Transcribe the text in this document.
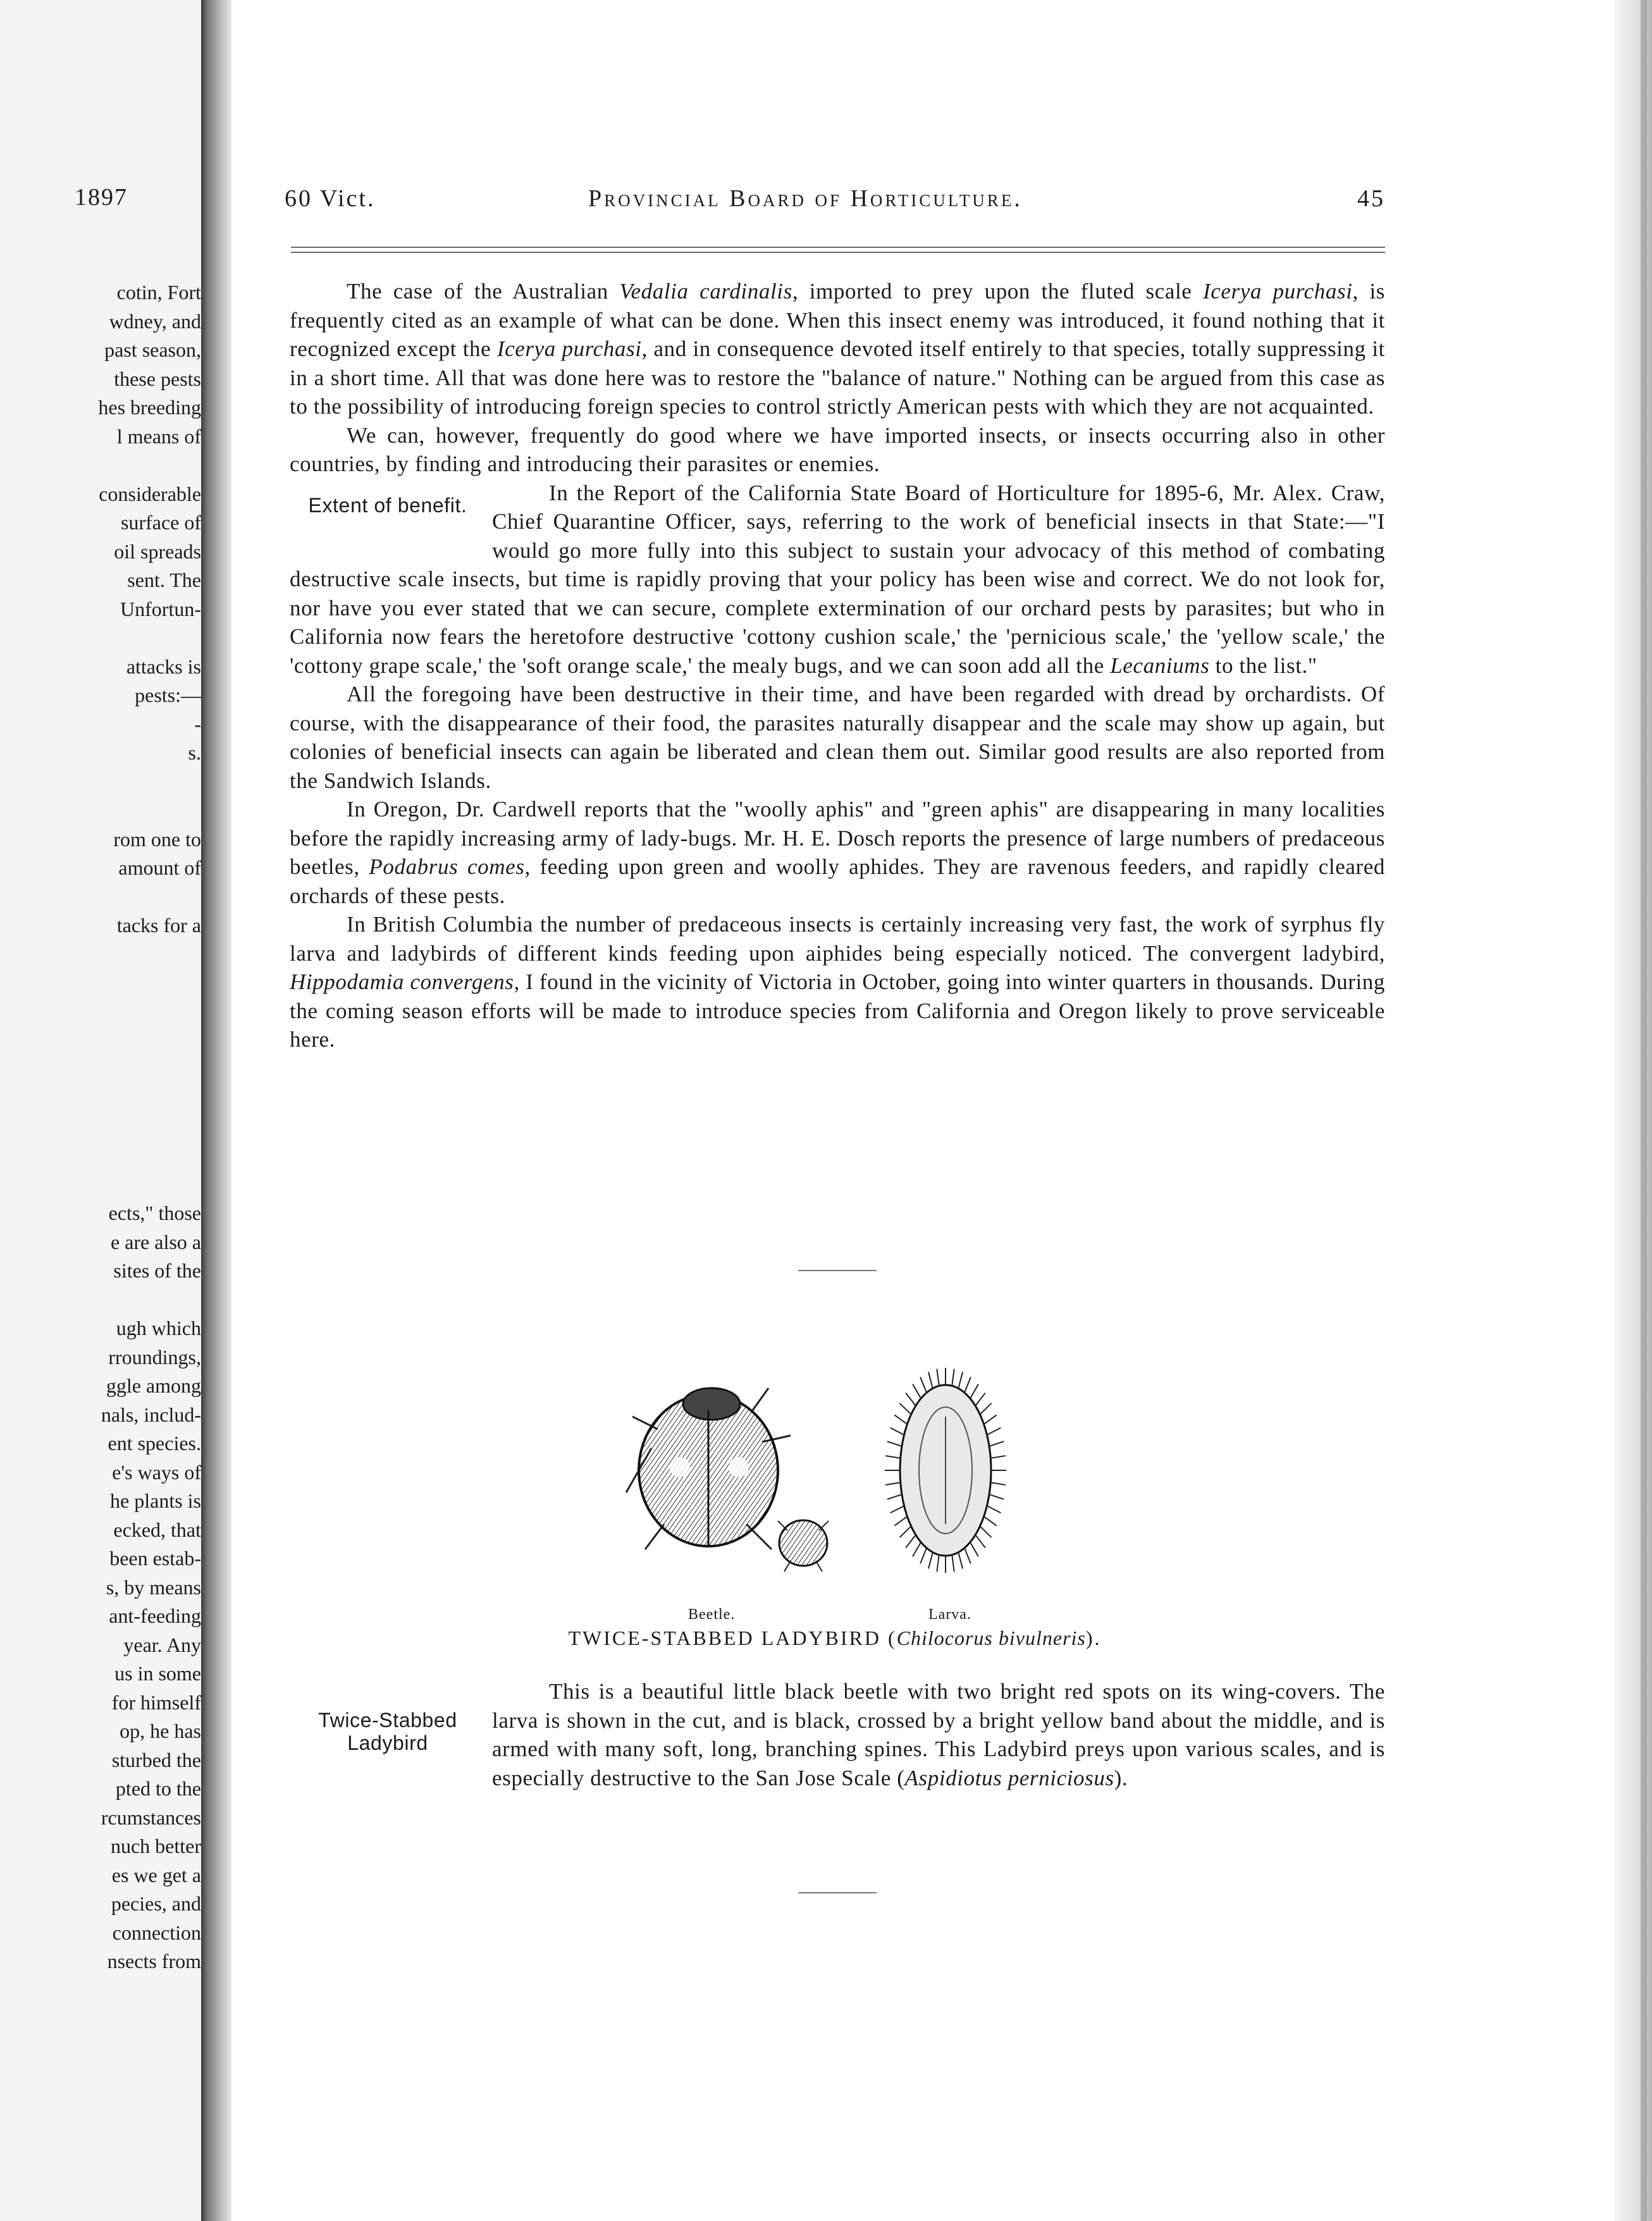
1897
cotin, Fort
wdney, and
past season,
these pests
hes breeding
l means of
considerable
surface of
oil spreads
sent. The
Unfortun-
attacks is
pests:—
-
s.
rom one to
amount of
tacks for a
ects," those
e are also a
sites of the
ugh which
rroundings,
ggle among
nals, includ-
ent species.
e's ways of
he plants is
ecked, that
been estab-
s, by means
ant-feeding
year. Any
us in some
for himself
op, he has
sturbed the
pted to the
rcumstances
nuch better
es we get a
pecies, and
connection
nsects from
60 Vict.	Provincial Board of Horticulture.	45

The case of the Australian Vedalia cardinalis, imported to prey upon the fluted scale Icerya purchasi, is frequently cited as an example of what can be done. When this insect enemy was introduced, it found nothing that it recognized except the Icerya purchasi, and in consequence devoted itself entirely to that species, totally suppressing it in a short time. All that was done here was to restore the "balance of nature." Nothing can be argued from this case as to the possibility of introducing foreign species to control strictly American pests with which they are not acquainted.

We can, however, frequently do good where we have imported insects, or insects occurring also in other countries, by finding and introducing their parasites or enemies.

Extent of benefit.	In the Report of the California State Board of Horticulture for 1895-6, Mr. Alex. Craw, Chief Quarantine Officer, says, referring to the work of beneficial insects in that State:—"I would go more fully into this subject to sustain your advocacy of this method of combating destructive scale insects, but time is rapidly proving that your policy has been wise and correct. We do not look for, nor have you ever stated that we can secure, complete extermination of our orchard pests by parasites; but who in California now fears the heretofore destructive 'cottony cushion scale,' the 'pernicious scale,' the 'yellow scale,' the 'cottony grape scale,' the 'soft orange scale,' the mealy bugs, and we can soon add all the Lecaniums to the list."

All the foregoing have been destructive in their time, and have been regarded with dread by orchardists. Of course, with the disappearance of their food, the parasites naturally disappear and the scale may show up again, but colonies of beneficial insects can again be liberated and clean them out. Similar good results are also reported from the Sandwich Islands.

In Oregon, Dr. Cardwell reports that the "woolly aphis" and "green aphis" are disappearing in many localities before the rapidly increasing army of lady-bugs. Mr. H. E. Dosch reports the presence of large numbers of predaceous beetles, Podabrus comes, feeding upon green and woolly aphides. They are ravenous feeders, and rapidly cleared orchards of these pests.

In British Columbia the number of predaceous insects is certainly increasing very fast, the work of syrphus fly larva and ladybirds of different kinds feeding upon aiphides being especially noticed. The convergent ladybird, Hippodamia convergens, I found in the vicinity of Victoria in October, going into winter quarters in thousands. During the coming season efforts will be made to introduce species from California and Oregon likely to prove serviceable here.

Beetle.	Larva.
TWICE-STABBED LADYBIRD (Chilocorus bivulneris).

Twice-Stabbed Ladybird
This is a beautiful little black beetle with two bright red spots on its wing-covers. The larva is shown in the cut, and is black, crossed by a bright yellow band about the middle, and is armed with many soft, long, branching spines. This Ladybird preys upon various scales, and is especially destructive to the San Jose Scale (Aspidiotus perniciosus).
